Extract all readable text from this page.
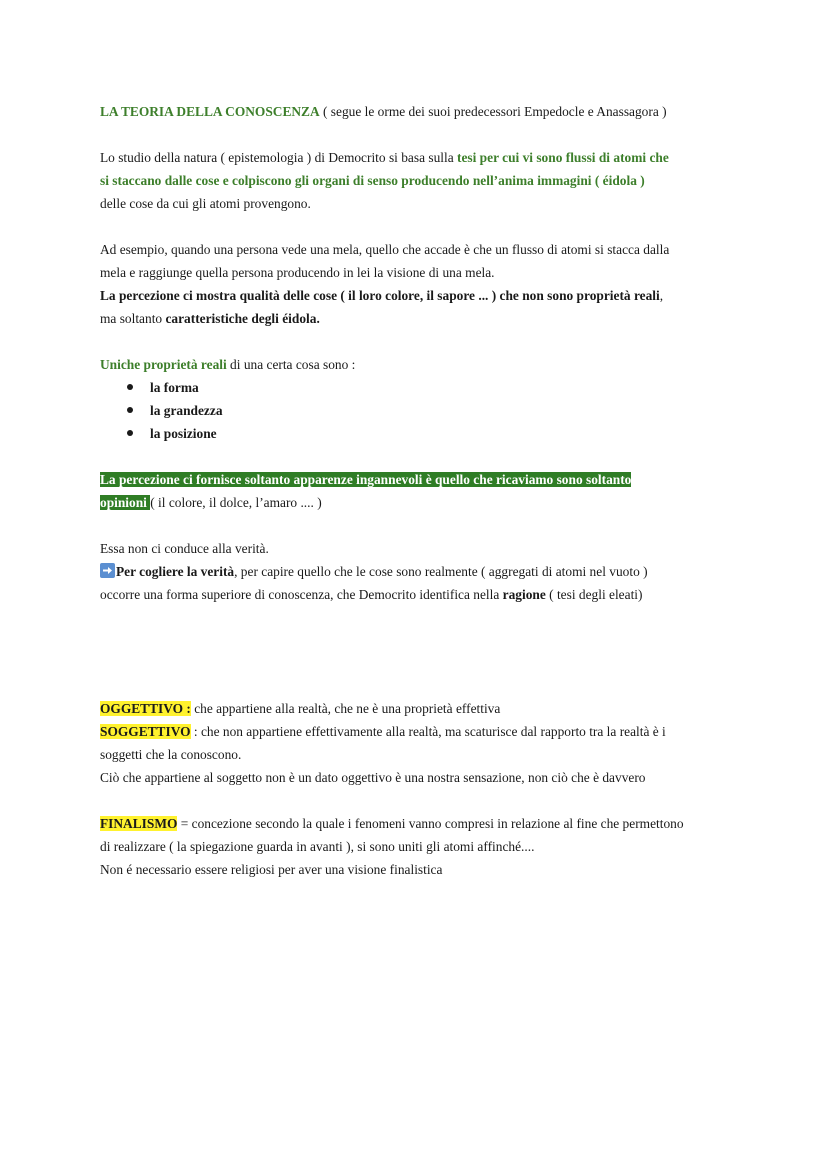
LA TEORIA DELLA CONOSCENZA ( segue le orme dei suoi predecessori Empedocle e Anassagora )

Lo studio della natura ( epistemologia ) di Democrito si basa sulla tesi per cui vi sono flussi di atomi che

si staccano dalle cose e colpiscono gli organi di senso producendo nell’anima immagini ( éidola )

delle cose da cui gli atomi provengono.

Ad esempio, quando una persona vede una mela, quello che accade è che un flusso di atomi si stacca dalla

mela e raggiunge quella persona producendo in lei la visione di una mela.

La percezione ci mostra qualità delle cose ( il loro colore, il sapore ... ) che non sono proprietà reali,

ma soltanto caratteristiche degli éidola.

Uniche proprietà reali di una certa cosa sono :

la forma
la grandezza
la posizione

La percezione ci fornisce soltanto apparenze ingannevoli è quello che ricaviamo sono soltanto

opinioni ( il colore, il dolce, l’amaro .... )

Essa non ci conduce alla verità.

Per cogliere la verità, per capire quello che le cose sono realmente ( aggregati di atomi nel vuoto )

occorre una forma superiore di conoscenza, che Democrito identifica nella ragione ( tesi degli eleati)

OGGETTIVO : che appartiene alla realtà, che ne è una proprietà effettiva

SOGGETTIVO : che non appartiene effettivamente alla realtà, ma scaturisce dal rapporto tra la realtà è i

soggetti che la conoscono.

Ciò che appartiene al soggetto non è un dato oggettivo è una nostra sensazione, non ciò che è davvero

FINALISMO = concezione secondo la quale i fenomeni vanno compresi in relazione al fine che permettono

di realizzare ( la spiegazione guarda in avanti ), si sono uniti gli atomi affinché....

Non é necessario essere religiosi per aver una visione finalistica
